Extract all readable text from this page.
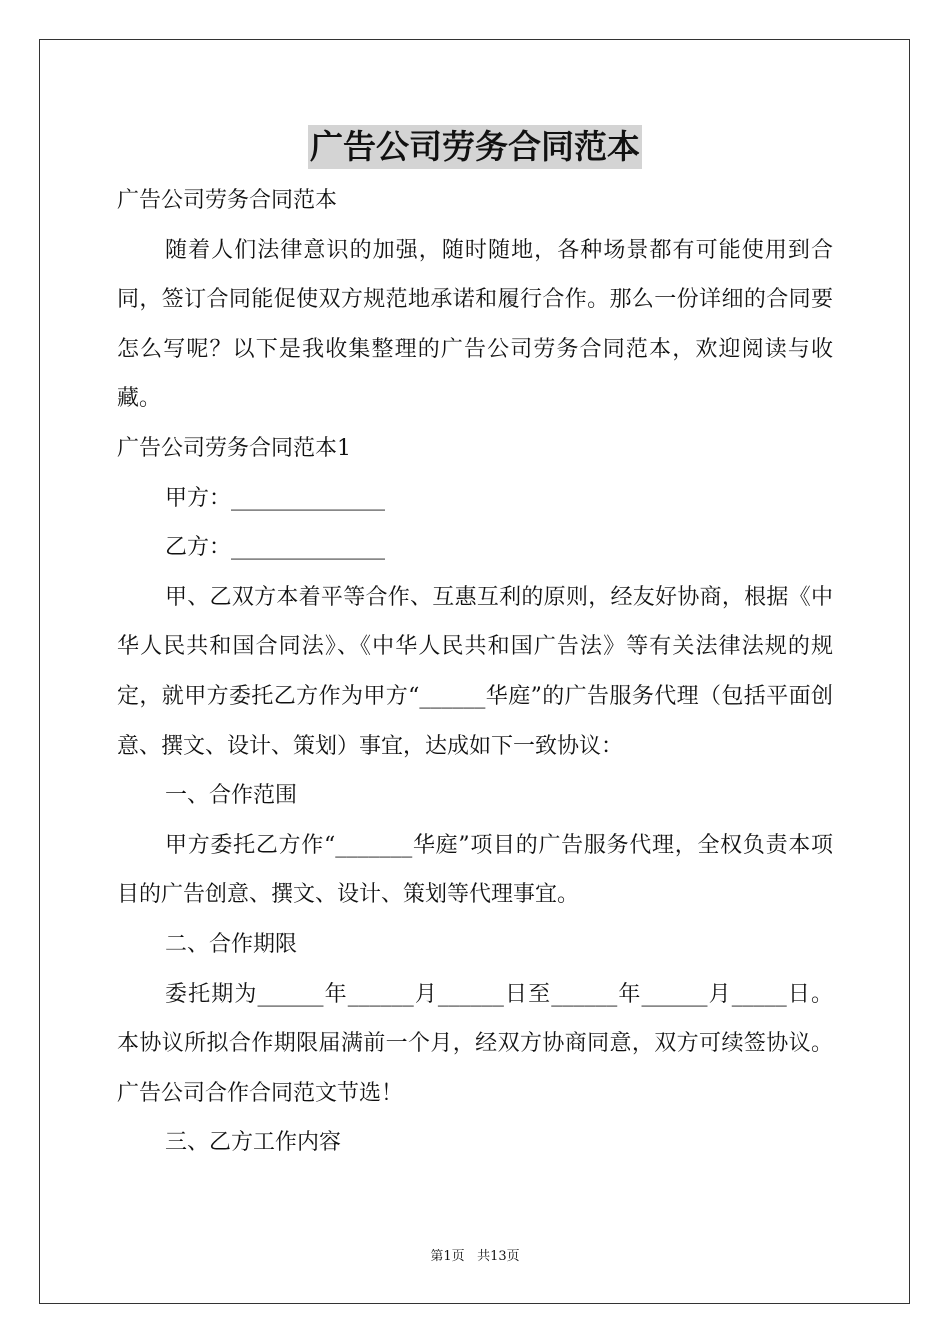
广告公司劳务合同范本

广告公司劳务合同范本

随着人们法律意识的加强，随时随地，各种场景都有可能使用到合同，签订合同能促使双方规范地承诺和履行合作。那么一份详细的合同要怎么写呢？以下是我收集整理的广告公司劳务合同范本，欢迎阅读与收藏。

广告公司劳务合同范本1

甲方：______________

乙方：______________

甲、乙双方本着平等合作、互惠互利的原则，经友好协商，根据《中华人民共和国合同法》、《中华人民共和国广告法》等有关法律法规的规定，就甲方委托乙方作为甲方“______华庭”的广告服务代理（包括平面创意、撰文、设计、策划）事宜，达成如下一致协议：

一、合作范围

甲方委托乙方作“_______华庭”项目的广告服务代理，全权负责本项目的广告创意、撰文、设计、策划等代理事宜。

二、合作期限

委托期为______年______月______日至______年______月_____日。本协议所拟合作期限届满前一个月，经双方协商同意，双方可续签协议。广告公司合作合同范文节选！

三、乙方工作内容

第1页 共13页
